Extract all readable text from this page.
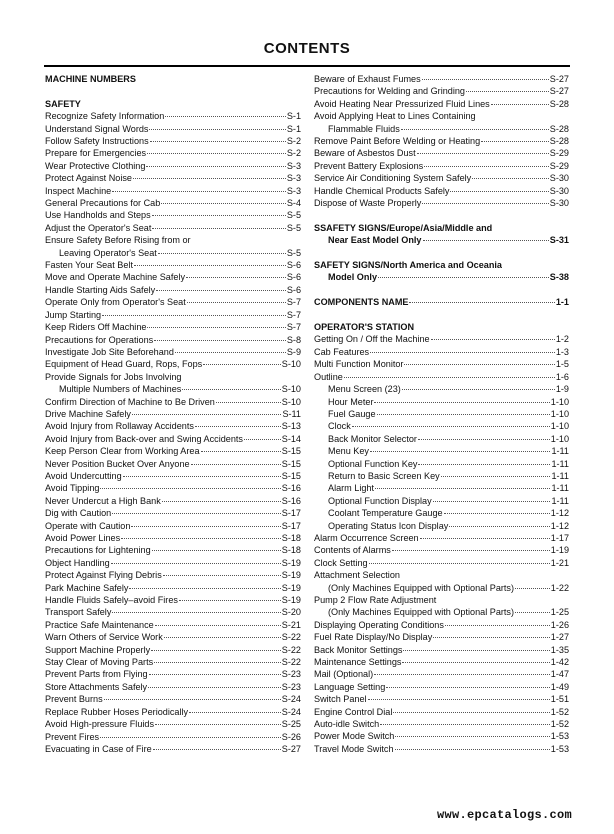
CONTENTS
MACHINE NUMBERS
SAFETY
Recognize Safety Information	S-1
Understand Signal Words	S-1
Follow Safety Instructions	S-2
Prepare for Emergencies	S-2
Wear Protective Clothing	S-3
Protect Against Noise	S-3
Inspect Machine	S-3
General Precautions for Cab	S-4
Use Handholds and Steps	S-5
Adjust the Operator's Seat	S-5
Ensure Safety Before Rising from or
Leaving Operator's Seat	S-5
Fasten Your Seat Belt	S-6
Move and Operate Machine Safely	S-6
Handle Starting Aids Safely	S-6
Operate Only from Operator's Seat	S-7
Jump Starting	S-7
Keep Riders Off Machine	S-7
Precautions for Operations	S-8
Investigate Job Site Beforehand	S-9
Equipment of Head Guard, Rops, Fops	S-10
Provide Signals for Jobs Involving
Multiple Numbers of Machines	S-10
Confirm Direction of Machine to Be Driven	S-10
Drive Machine Safely	S-11
Avoid Injury from Rollaway Accidents	S-13
Avoid Injury from Back-over and Swing Accidents	S-14
Keep Person Clear from Working Area	S-15
Never Position Bucket Over Anyone	S-15
Avoid Undercutting	S-15
Avoid Tipping	S-16
Never Undercut a High Bank	S-16
Dig with Caution	S-17
Operate with Caution	S-17
Avoid Power Lines	S-18
Precautions for Lightening	S-18
Object Handling	S-19
Protect Against Flying Debris	S-19
Park Machine Safely	S-19
Handle Fluids Safely–avoid Fires	S-19
Transport Safely	S-20
Practice Safe Maintenance	S-21
Warn Others of Service Work	S-22
Support Machine Properly	S-22
Stay Clear of Moving Parts	S-22
Prevent Parts from Flying	S-23
Store Attachments Safely	S-23
Prevent Burns	S-24
Replace Rubber Hoses Periodically	S-24
Avoid High-pressure Fluids	S-25
Prevent Fires	S-26
Evacuating in Case of Fire	S-27
Beware of Exhaust Fumes	S-27
Precautions for Welding and Grinding	S-27
Avoid Heating Near Pressurized Fluid Lines	S-28
Avoid Applying Heat to Lines Containing
Flammable Fluids	S-28
Remove Paint Before Welding or Heating	S-28
Beware of Asbestos Dust	S-29
Prevent Battery Explosions	S-29
Service Air Conditioning System Safely	S-30
Handle Chemical Products Safely	S-30
Dispose of Waste Properly	S-30
SSAFETY SIGNS/Europe/Asia/Middle and
Near East Model Only	S-31
SAFETY SIGNS/North America and Oceania
Model Only	S-38
COMPONENTS NAME	1-1
OPERATOR'S STATION
Getting On / Off the Machine	1-2
Cab Features	1-3
Multi Function Monitor	1-5
Outline	1-6
Menu Screen (23)	1-9
Hour Meter	1-10
Fuel Gauge	1-10
Clock	1-10
Back Monitor Selector	1-10
Menu Key	1-11
Optional Function Key	1-11
Return to Basic Screen Key	1-11
Alarm Light	1-11
Optional Function Display	1-11
Coolant Temperature Gauge	1-12
Operating Status Icon Display	1-12
Alarm Occurrence Screen	1-17
Contents of Alarms	1-19
Clock Setting	1-21
Attachment Selection
(Only Machines Equipped with Optional Parts)	1-22
Pump 2 Flow Rate Adjustment
(Only Machines Equipped with Optional Parts)	1-25
Displaying Operating Conditions	1-26
Fuel Rate Display/No Display	1-27
Back Monitor Settings	1-35
Maintenance Settings	1-42
Mail (Optional)	1-47
Language Setting	1-49
Switch Panel	1-51
Engine Control Dial	1-52
Auto-idle Switch	1-52
Power Mode Switch	1-53
Travel Mode Switch	1-53
www.epcatalogs.com
